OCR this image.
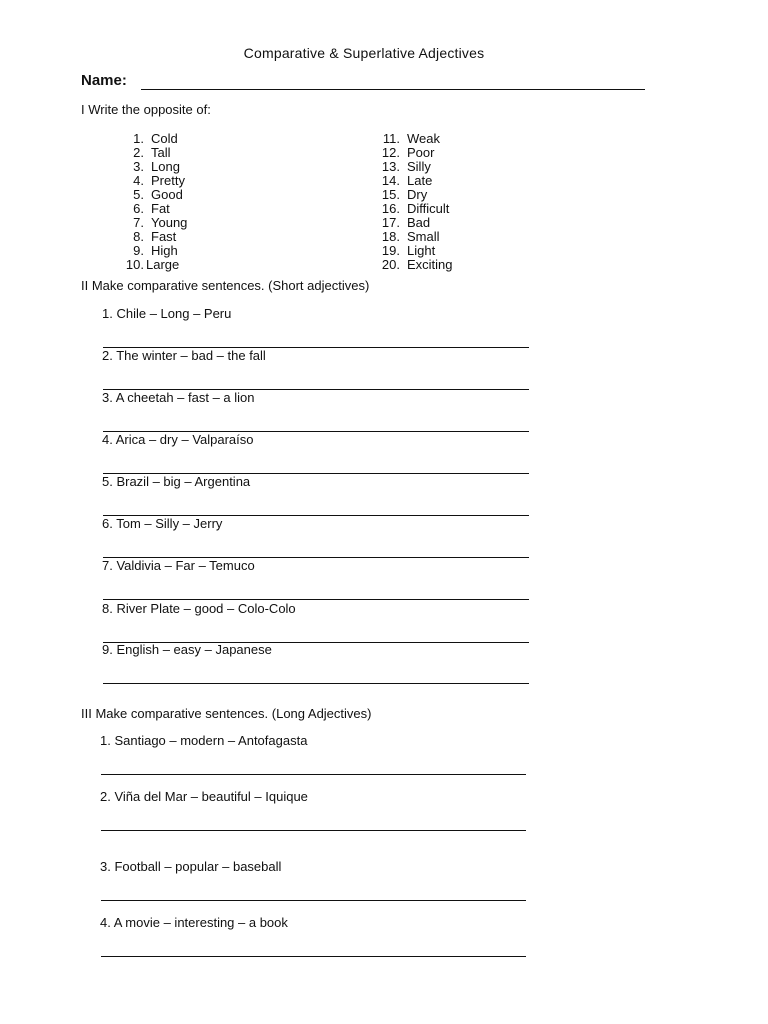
Comparative & Superlative Adjectives
Name:
I Write the opposite of:
1. Cold
2. Tall
3. Long
4. Pretty
5. Good
6. Fat
7. Young
8. Fast
9. High
10. Large
11. Weak
12. Poor
13. Silly
14. Late
15. Dry
16. Difficult
17. Bad
18. Small
19. Light
20. Exciting
II Make comparative sentences. (Short adjectives)
1. Chile – Long – Peru
2. The winter – bad – the fall
3. A cheetah – fast – a lion
4. Arica – dry – Valparaíso
5. Brazil – big – Argentina
6. Tom – Silly – Jerry
7. Valdivia – Far – Temuco
8. River Plate – good – Colo-Colo
9. English – easy – Japanese
III Make comparative sentences. (Long Adjectives)
1. Santiago – modern – Antofagasta
2. Viña del Mar – beautiful – Iquique
3. Football – popular – baseball
4. A movie – interesting – a book
